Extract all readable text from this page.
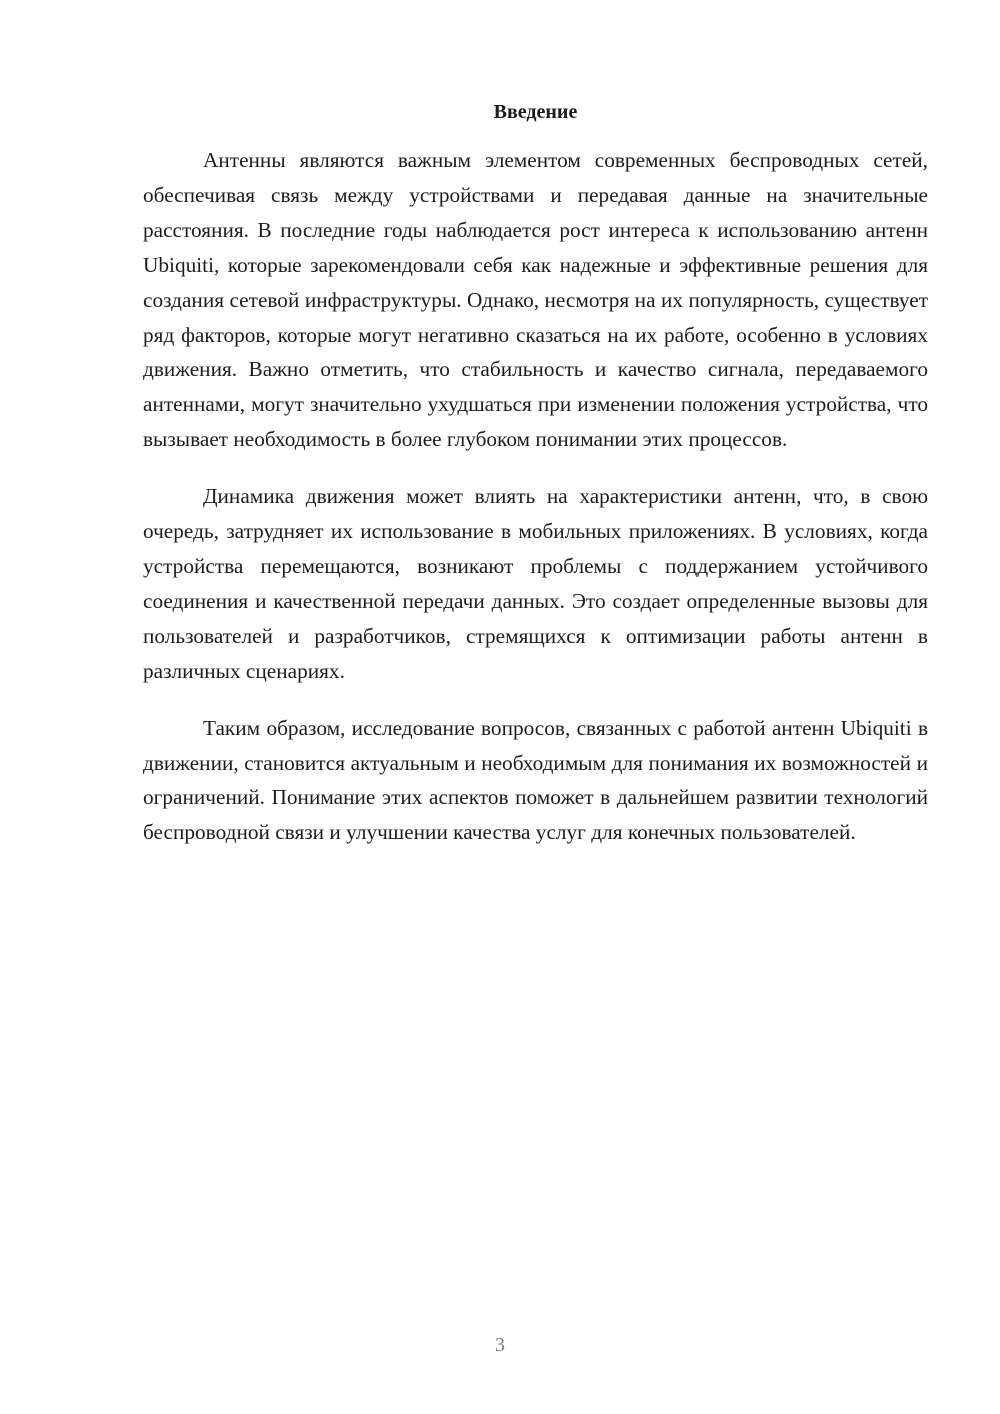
Введение

Антенны являются важным элементом современных беспроводных сетей, обеспечивая связь между устройствами и передавая данные на значительные расстояния. В последние годы наблюдается рост интереса к использованию антенн Ubiquiti, которые зарекомендовали себя как надежные и эффективные решения для создания сетевой инфраструктуры. Однако, несмотря на их популярность, существует ряд факторов, которые могут негативно сказаться на их работе, особенно в условиях движения. Важно отметить, что стабильность и качество сигнала, передаваемого антеннами, могут значительно ухудшаться при изменении положения устройства, что вызывает необходимость в более глубоком понимании этих процессов.

Динамика движения может влиять на характеристики антенн, что, в свою очередь, затрудняет их использование в мобильных приложениях. В условиях, когда устройства перемещаются, возникают проблемы с поддержанием устойчивого соединения и качественной передачи данных. Это создает определенные вызовы для пользователей и разработчиков, стремящихся к оптимизации работы антенн в различных сценариях.

Таким образом, исследование вопросов, связанных с работой антенн Ubiquiti в движении, становится актуальным и необходимым для понимания их возможностей и ограничений. Понимание этих аспектов поможет в дальнейшем развитии технологий беспроводной связи и улучшении качества услуг для конечных пользователей.

3
